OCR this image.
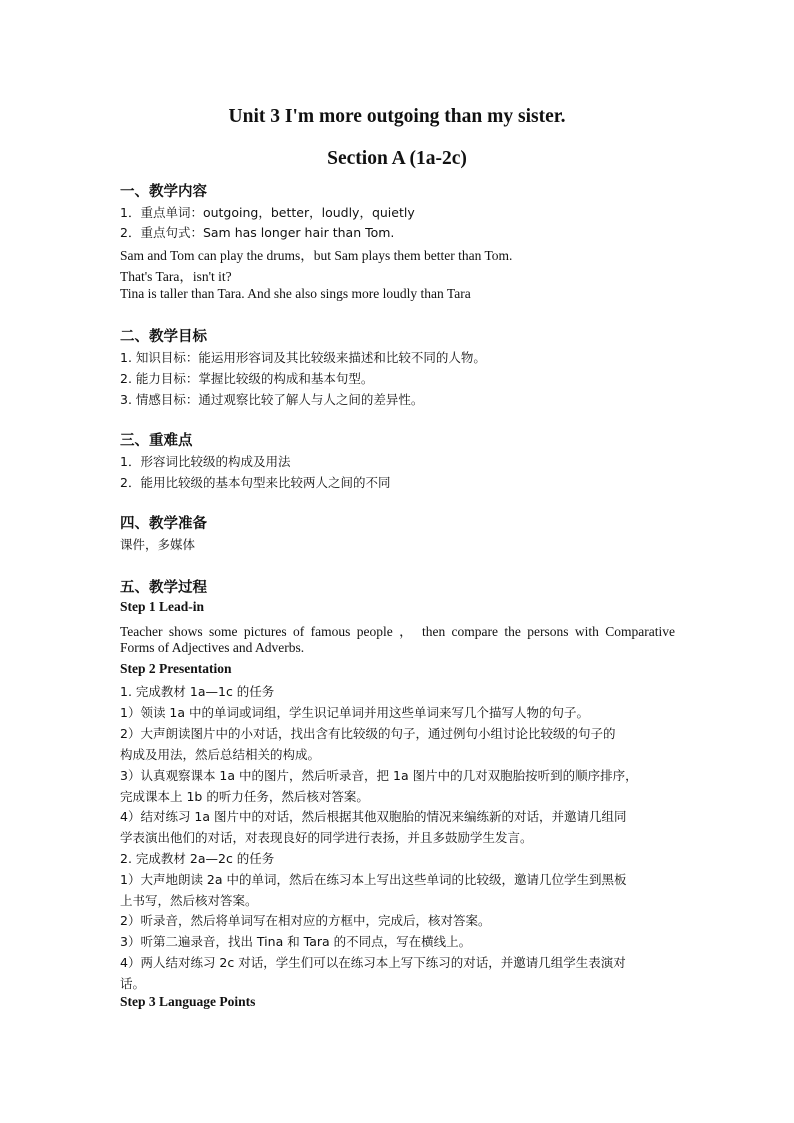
Unit 3 I'm more outgoing than my sister.
Section A (1a-2c)
一、教学内容
1．重点单词：outgoing，better，loudly，quietly
2．重点句式：Sam has longer hair than Tom.
Sam and Tom can play the drums，but Sam plays them better than Tom.
That's Tara，isn't it?
Tina is taller than Tara. And she also sings more loudly than Tara
二、教学目标
1. 知识目标：能运用形容词及其比较级来描述和比较不同的人物。
2. 能力目标：掌握比较级的构成和基本句型。
3. 情感目标：通过观察比较了解人与人之间的差异性。
三、重难点
1．形容词比较级的构成及用法
2．能用比较级的基本句型来比较两人之间的不同
四、教学准备
课件，多媒体
五、教学过程
Step 1 Lead-in
Teacher shows some pictures of famous people ， then compare the persons with Comparative
Forms of Adjectives and Adverbs.
Step 2 Presentation
1. 完成教材 1a—1c 的任务
1）领读 1a 中的单词或词组，学生识记单词并用这些单词来写几个描写人物的句子。
2）大声朗读图片中的小对话，找出含有比较级的句子，通过例句小组讨论比较级的句子的
构成及用法，然后总结相关的构成。
3）认真观察课本 1a 中的图片，然后听录音，把 1a 图片中的几对双胞胎按听到的顺序排序，
完成课本上 1b 的听力任务，然后核对答案。
4）结对练习 1a 图片中的对话，然后根据其他双胞胎的情况来编练新的对话，并邀请几组同
学表演出他们的对话，对表现良好的同学进行表扬，并且多鼓励学生发言。
2. 完成教材 2a—2c 的任务
1）大声地朗读 2a 中的单词，然后在练习本上写出这些单词的比较级，邀请几位学生到黑板
上书写，然后核对答案。
2）听录音，然后将单词写在相对应的方框中，完成后，核对答案。
3）听第二遍录音，找出 Tina 和 Tara 的不同点，写在横线上。
4）两人结对练习 2c 对话，学生们可以在练习本上写下练习的对话，并邀请几组学生表演对
话。
Step 3 Language Points
